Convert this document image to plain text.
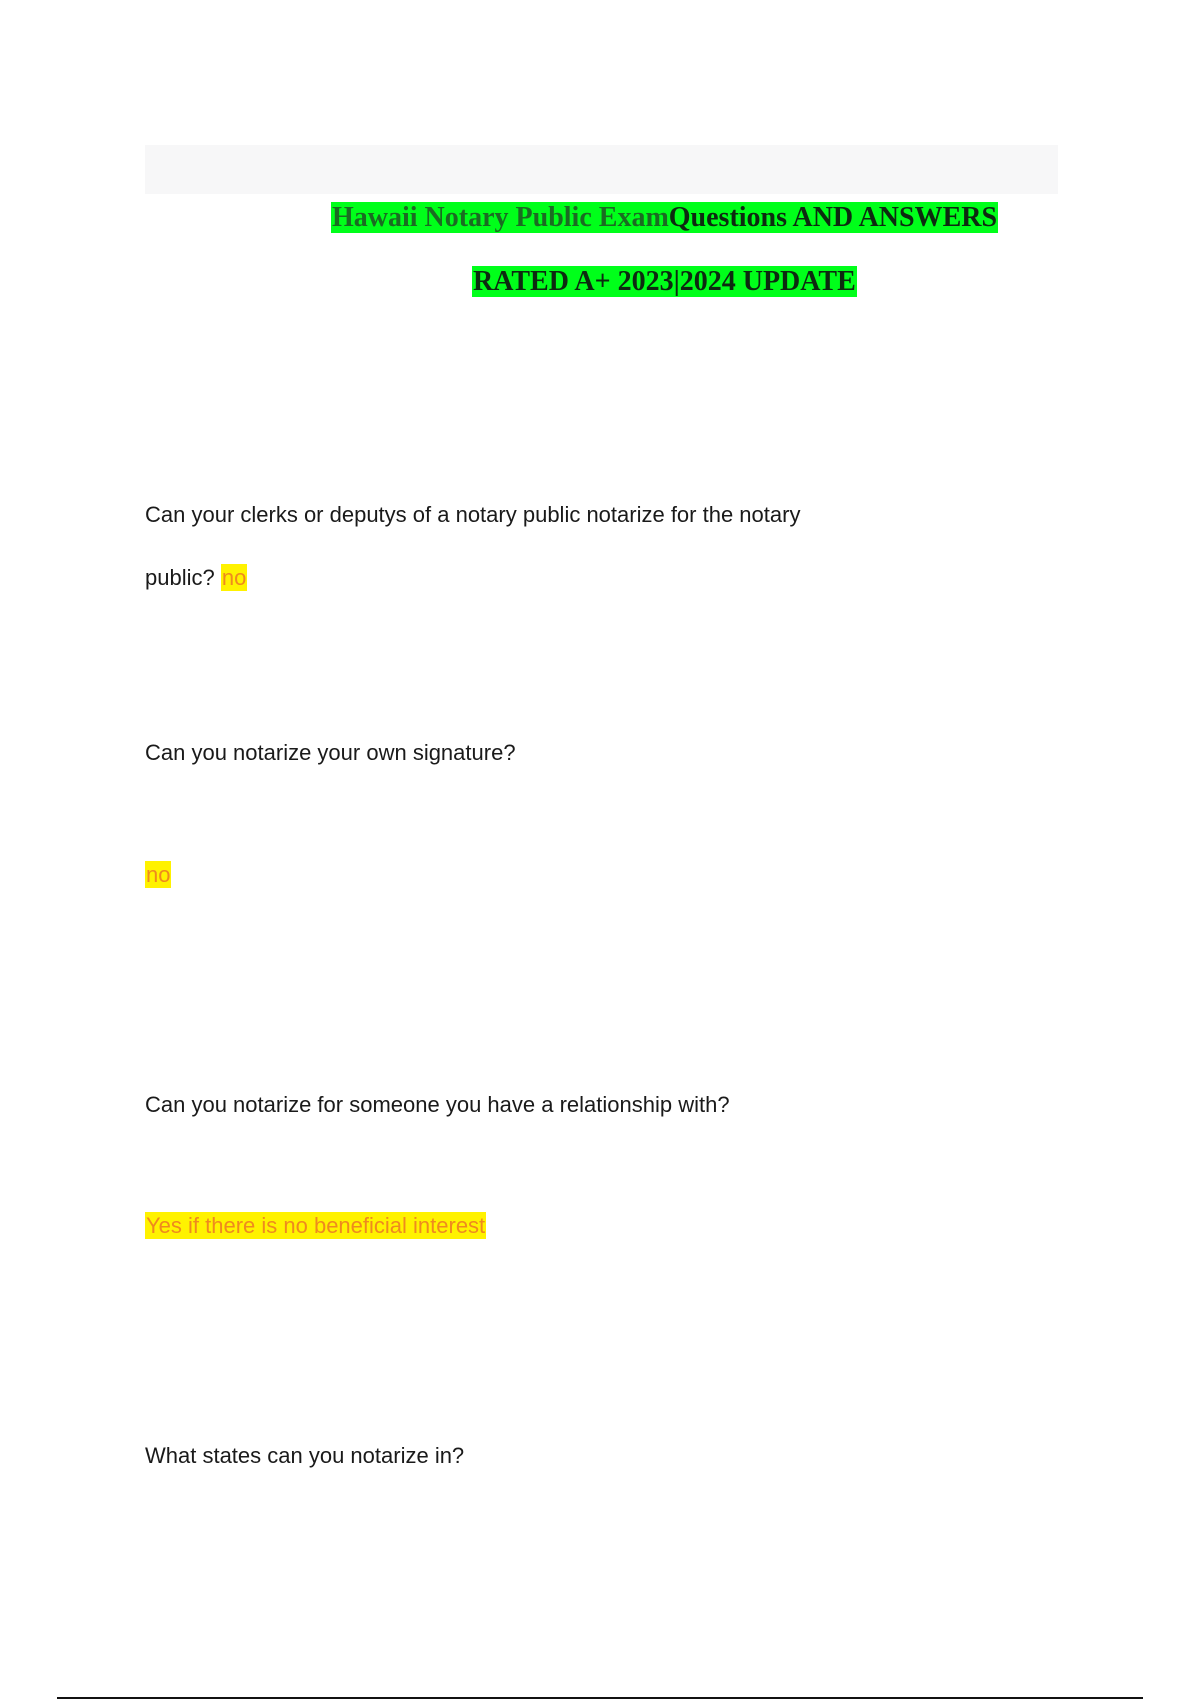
Hawaii Notary Public ExamQuestions AND ANSWERS
RATED A+ 2023|2024 UPDATE
Can your clerks or deputys of a notary public notarize for the notary
public? no
Can you notarize your own signature?
no
Can you notarize for someone you have a relationship with?
Yes if there is no beneficial interest
What states can you notarize in?
